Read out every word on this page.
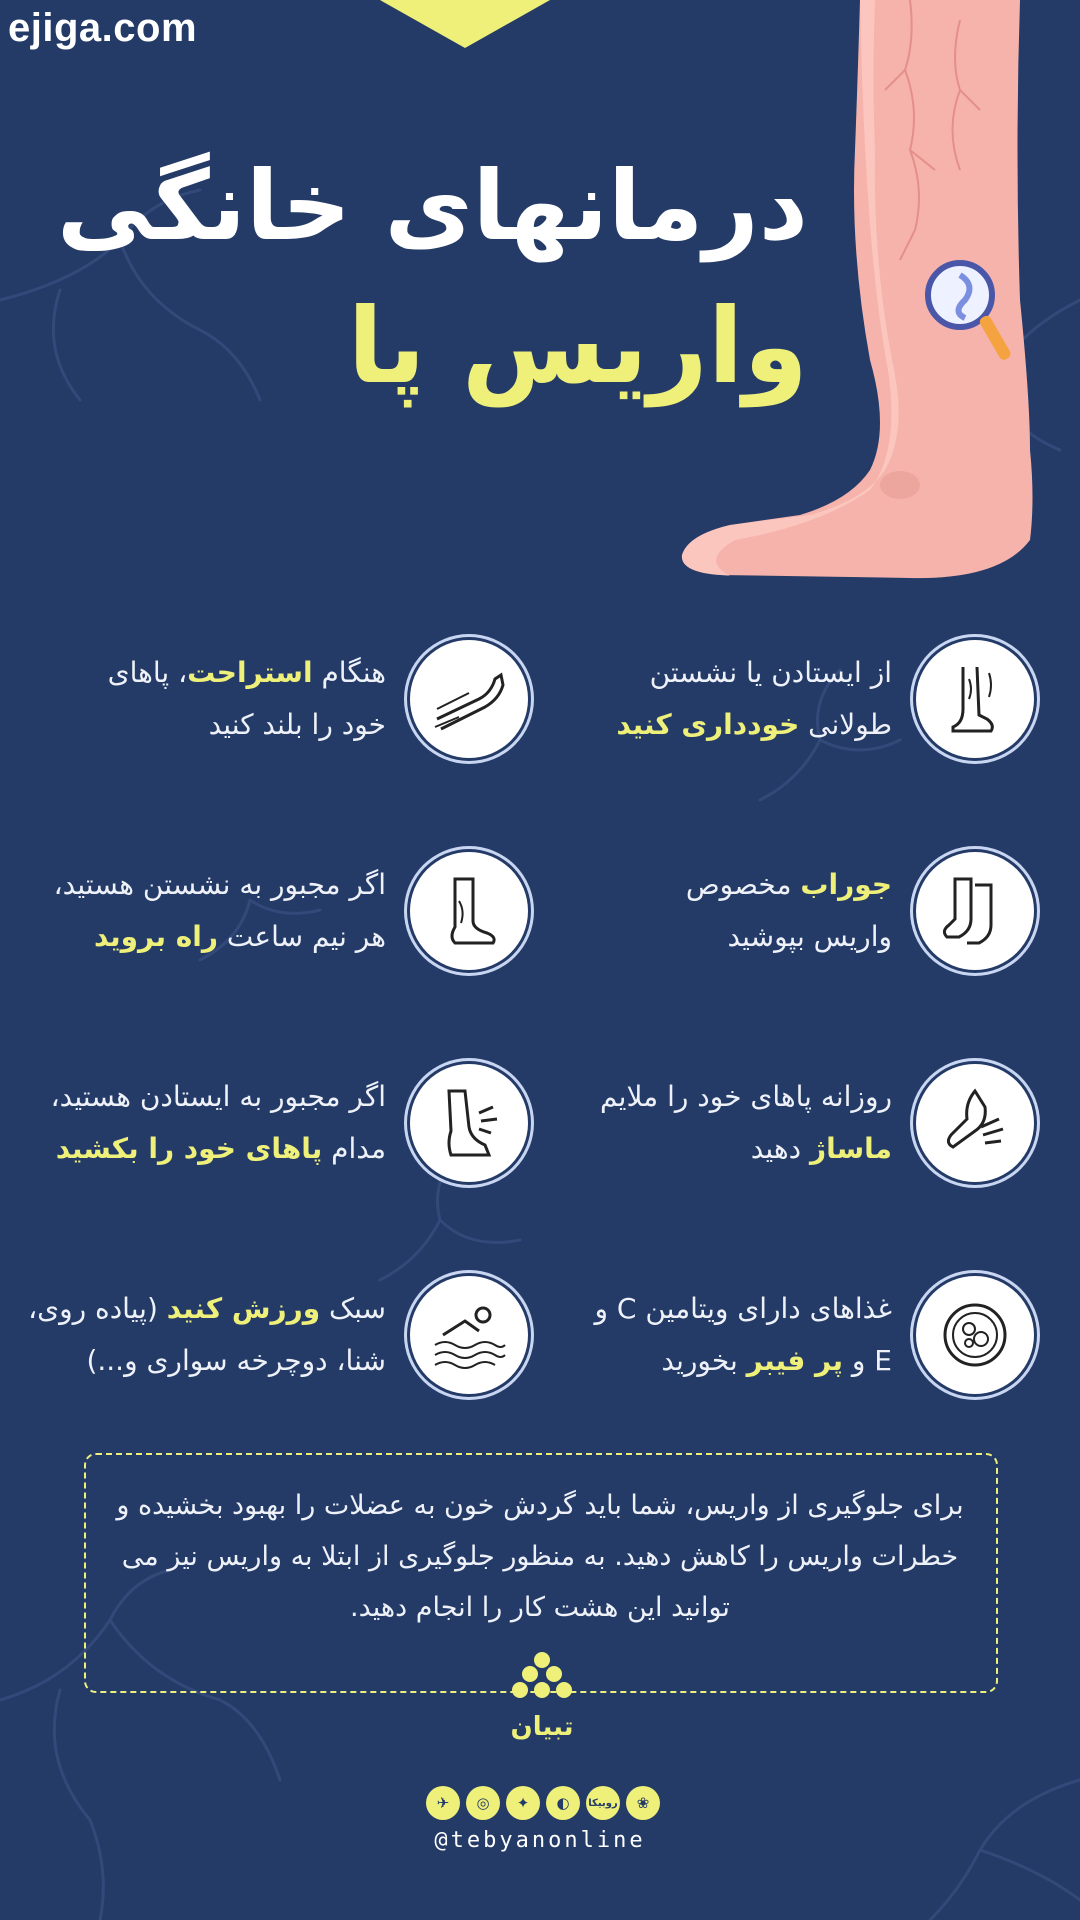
ejiga.com
درمانهای خانگی
واریس پا
از ایستادن یا نشستن
طولانی خودداری کنید
هنگام استراحت، پاهای
خود را بلند کنید
جوراب مخصوص
واریس بپوشید
اگر مجبور به نشستن هستید،
هر نیم ساعت راه بروید
روزانه پاهای خود را ملایم
ماساژ دهید
اگر مجبور به ایستادن هستید،
مدام پاهای خود را بکشید
غذاهای دارای ویتامین C و
E و پر فیبر بخورید
سبک ورزش کنید (پیاده روی،
شنا، دوچرخه سواری و...)
برای جلوگیری از واریس، شما باید گردش خون به عضلات را بهبود بخشیده و خطرات واریس را کاهش دهید. به منظور جلوگیری از ابتلا به واریس نیز می توانید این هشت کار را انجام دهید.
تبیان
✈	◎	✦	◐	روبیکا	❀
@tebyanonline
